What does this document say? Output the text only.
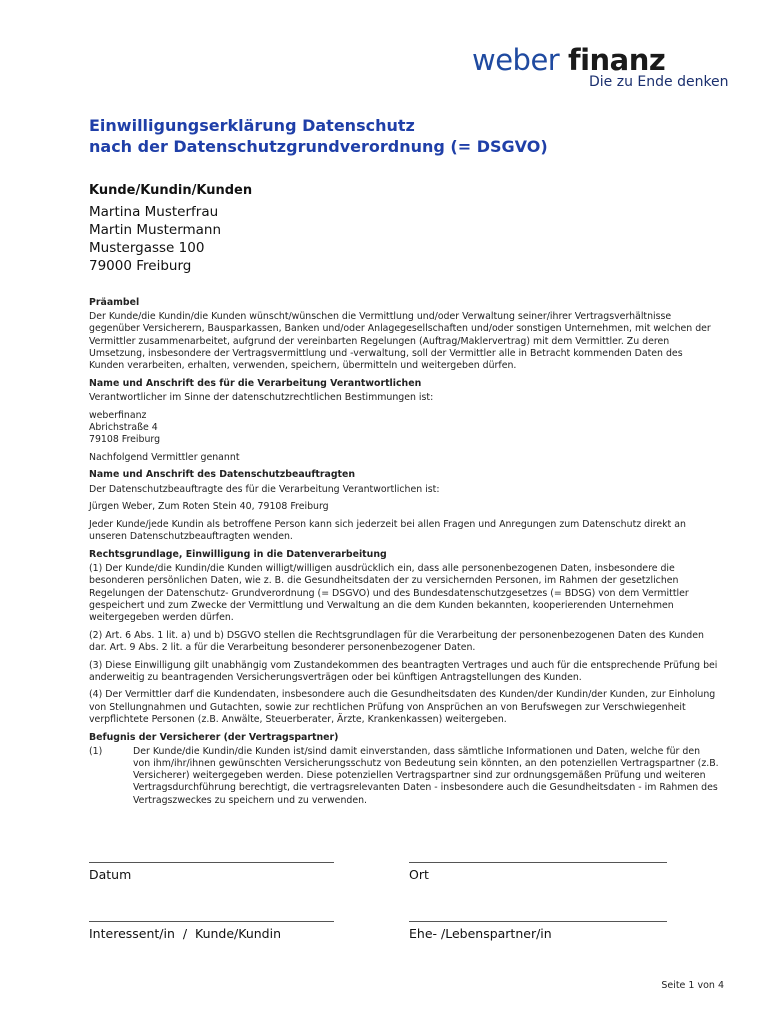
weber finanz
Die zu Ende denken
Einwilligungserklärung Datenschutz
nach der Datenschutzgrundverordnung (= DSGVO)
Kunde/Kundin/Kunden
Martina Musterfrau
Martin Mustermann
Mustergasse 100
79000 Freiburg

Präambel

Der Kunde/die Kundin/die Kunden wünscht/wünschen die Vermittlung und/oder Verwaltung seiner/ihrer Vertragsverhältnisse gegenüber Versicherern, Bausparkassen, Banken und/oder Anlagegesellschaften und/oder sonstigen Unternehmen, mit welchen der Vermittler zusammenarbeitet, aufgrund der vereinbarten Regelungen (Auftrag/Maklervertrag) mit dem Vermittler. Zu deren Umsetzung, insbesondere der Vertragsvermittlung und -verwaltung, soll der Vermittler alle in Betracht kommenden Daten des Kunden verarbeiten, erhalten, verwenden, speichern, übermitteln und weitergeben dürfen.

Name und Anschrift des für die Verarbeitung Verantwortlichen

Verantwortlicher im Sinne der datenschutzrechtlichen Bestimmungen ist:

weberfinanz
Abrichstraße 4
79108 Freiburg

Nachfolgend Vermittler genannt

Name und Anschrift des Datenschutzbeauftragten

Der Datenschutzbeauftragte des für die Verarbeitung Verantwortlichen ist:

Jürgen Weber, Zum Roten Stein 40, 79108 Freiburg

Jeder Kunde/jede Kundin als betroffene Person kann sich jederzeit bei allen Fragen und Anregungen zum Datenschutz direkt an unseren Datenschutzbeauftragten wenden.

Rechtsgrundlage, Einwilligung in die Datenverarbeitung

(1) Der Kunde/die Kundin/die Kunden willigt/willigen ausdrücklich ein, dass alle personenbezogenen Daten, insbesondere die besonderen persönlichen Daten, wie z. B. die Gesundheitsdaten der zu versichernden Personen, im Rahmen der gesetzlichen Regelungen der Datenschutz- Grundverordnung (= DSGVO) und des Bundesdatenschutzgesetzes (= BDSG) von dem Vermittler gespeichert und zum Zwecke der Vermittlung und Verwaltung an die dem Kunden bekannten, kooperierenden Unternehmen weitergegeben werden dürfen.

(2) Art. 6 Abs. 1 lit. a) und b) DSGVO stellen die Rechtsgrundlagen für die Verarbeitung der personenbezogenen Daten des Kunden dar. Art. 9 Abs. 2 lit. a für die Verarbeitung besonderer personenbezogener Daten.

(3) Diese Einwilligung gilt unabhängig vom Zustandekommen des beantragten Vertrages und auch für die entsprechende Prüfung bei anderweitig zu beantragenden Versicherungsverträgen oder bei künftigen Antragstellungen des Kunden.

(4) Der Vermittler darf die Kundendaten, insbesondere auch die Gesundheitsdaten des Kunden/der Kundin/der Kunden, zur Einholung von Stellungnahmen und Gutachten, sowie zur rechtlichen Prüfung von Ansprüchen an von Berufswegen zur Verschwiegenheit verpflichtete Personen (z.B. Anwälte, Steuerberater, Ärzte, Krankenkassen) weitergeben.

Befugnis der Versicherer (der Vertragspartner)

(1)	Der Kunde/die Kundin/die Kunden ist/sind damit einverstanden, dass sämtliche Informationen und Daten, welche für den von ihm/ihr/ihnen gewünschten Versicherungsschutz von Bedeutung sein könnten, an den potenziellen Vertragspartner (z.B. Versicherer) weitergegeben werden. Diese potenziellen Vertragspartner sind zur ordnungsgemäßen Prüfung und weiteren Vertragsdurchführung berechtigt, die vertragsrelevanten Daten - insbesondere auch die Gesundheitsdaten - im Rahmen des Vertragszweckes zu speichern und zu verwenden.
Datum	Ort
Interessent/in  /  Kunde/Kundin	Ehe- /Lebenspartner/in
Seite 1 von 4
